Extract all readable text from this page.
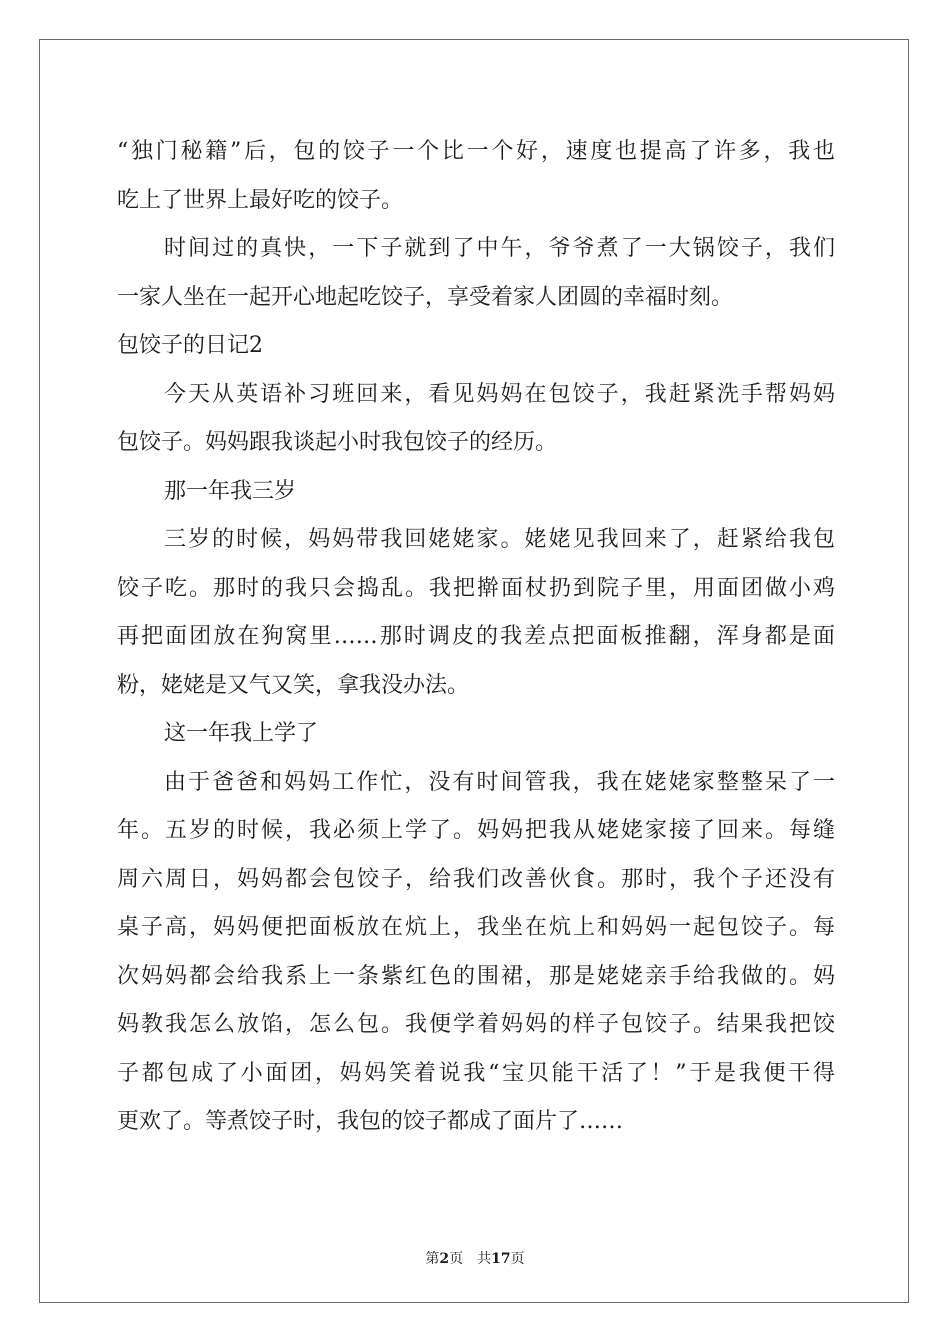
“独门秘籍”后，包的饺子一个比一个好，速度也提高了许多，我也
吃上了世界上最好吃的饺子。
时间过的真快，一下子就到了中午，爷爷煮了一大锅饺子，我们
一家人坐在一起开心地起吃饺子，享受着家人团圆的幸福时刻。
包饺子的日记2
今天从英语补习班回来，看见妈妈在包饺子，我赶紧洗手帮妈妈
包饺子。妈妈跟我谈起小时我包饺子的经历。
那一年我三岁
三岁的时候，妈妈带我回姥姥家。姥姥见我回来了，赶紧给我包
饺子吃。那时的我只会捣乱。我把擀面杖扔到院子里，用面团做小鸡
再把面团放在狗窝里……那时调皮的我差点把面板推翻，浑身都是面
粉，姥姥是又气又笑，拿我没办法。
这一年我上学了
由于爸爸和妈妈工作忙，没有时间管我，我在姥姥家整整呆了一
年。五岁的时候，我必须上学了。妈妈把我从姥姥家接了回来。每缝
周六周日，妈妈都会包饺子，给我们改善伙食。那时，我个子还没有
桌子高，妈妈便把面板放在炕上，我坐在炕上和妈妈一起包饺子。每
次妈妈都会给我系上一条紫红色的围裙，那是姥姥亲手给我做的。妈
妈教我怎么放馅，怎么包。我便学着妈妈的样子包饺子。结果我把饺
子都包成了小面团，妈妈笑着说我“宝贝能干活了！”于是我便干得
更欢了。等煮饺子时，我包的饺子都成了面片了……
第2页 共17页
